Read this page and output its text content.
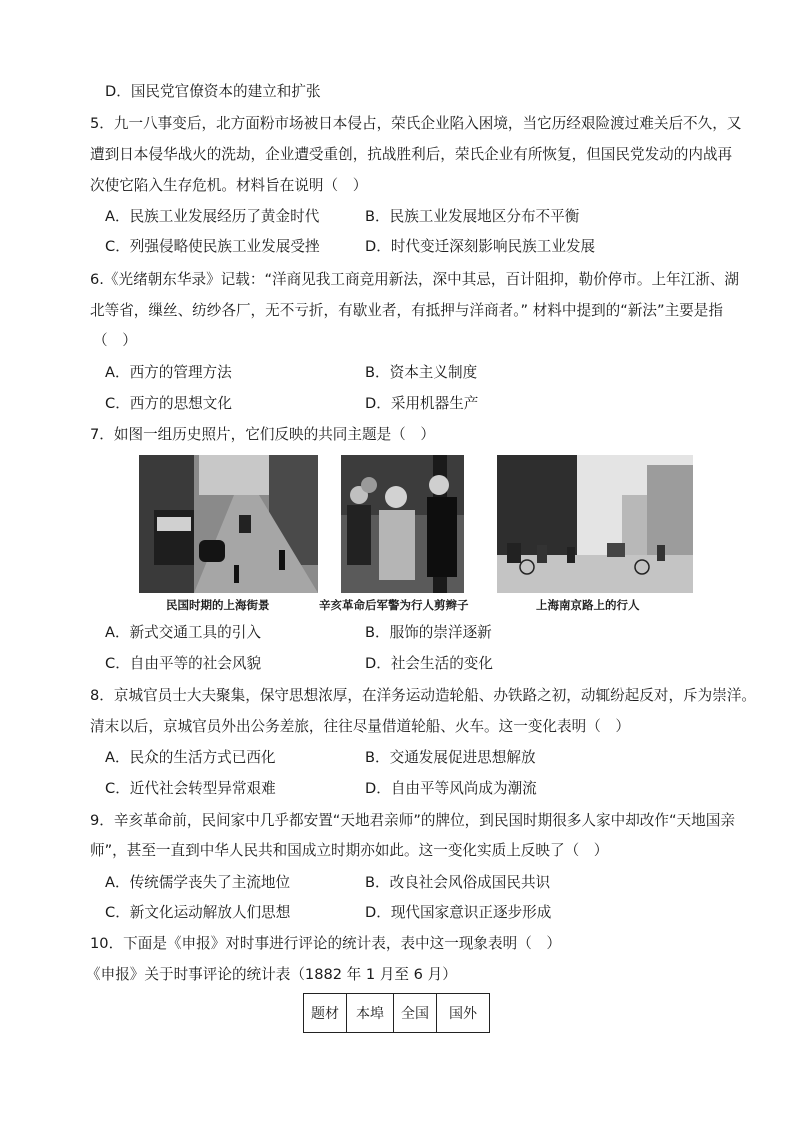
D．国民党官僚资本的建立和扩张
5．九一八事变后，北方面粉市场被日本侵占，荣氏企业陷入困境，当它历经艰险渡过难关后不久，又
遭到日本侵华战火的洗劫，企业遭受重创，抗战胜利后，荣氏企业有所恢复，但国民党发动的内战再
次使它陷入生存危机。材料旨在说明（　）
A．民族工业发展经历了黄金时代	B．民族工业发展地区分布不平衡
C．列强侵略使民族工业发展受挫	D．时代变迁深刻影响民族工业发展
6.《光绪朝东华录》记载：“洋商见我工商竞用新法，深中其忌，百计阻抑，勒价停市。上年江浙、湖
北等省，缫丝、纺纱各厂，无不亏折，有歇业者，有抵押与洋商者。” 材料中提到的“新法”主要是指
（　）
A．西方的管理方法	B．资本主义制度
C．西方的思想文化	D．采用机器生产
7．如图一组历史照片，它们反映的共同主题是（　）
民国时期的上海街景	辛亥革命后军警为行人剪辫子	上海南京路上的行人
A．新式交通工具的引入	B．服饰的崇洋逐新
C．自由平等的社会风貌	D．社会生活的变化
8．京城官员士大夫聚集，保守思想浓厚，在洋务运动造轮船、办铁路之初，动辄纷起反对，斥为崇洋。
清末以后，京城官员外出公务差旅，往往尽量借道轮船、火车。这一变化表明（　）
A．民众的生活方式已西化	B．交通发展促进思想解放
C．近代社会转型异常艰难	D．自由平等风尚成为潮流
9．辛亥革命前，民间家中几乎都安置“天地君亲师”的牌位，到民国时期很多人家中却改作“天地国亲
师”，甚至一直到中华人民共和国成立时期亦如此。这一变化实质上反映了（　）
A．传统儒学丧失了主流地位	B．改良社会风俗成国民共识
C．新文化运动解放人们思想	D．现代国家意识正逐步形成
10．下面是《申报》对时事进行评论的统计表，表中这一现象表明（　）
《申报》关于时事评论的统计表（1882 年 1 月至 6 月）
题材	本埠	全国	国外
